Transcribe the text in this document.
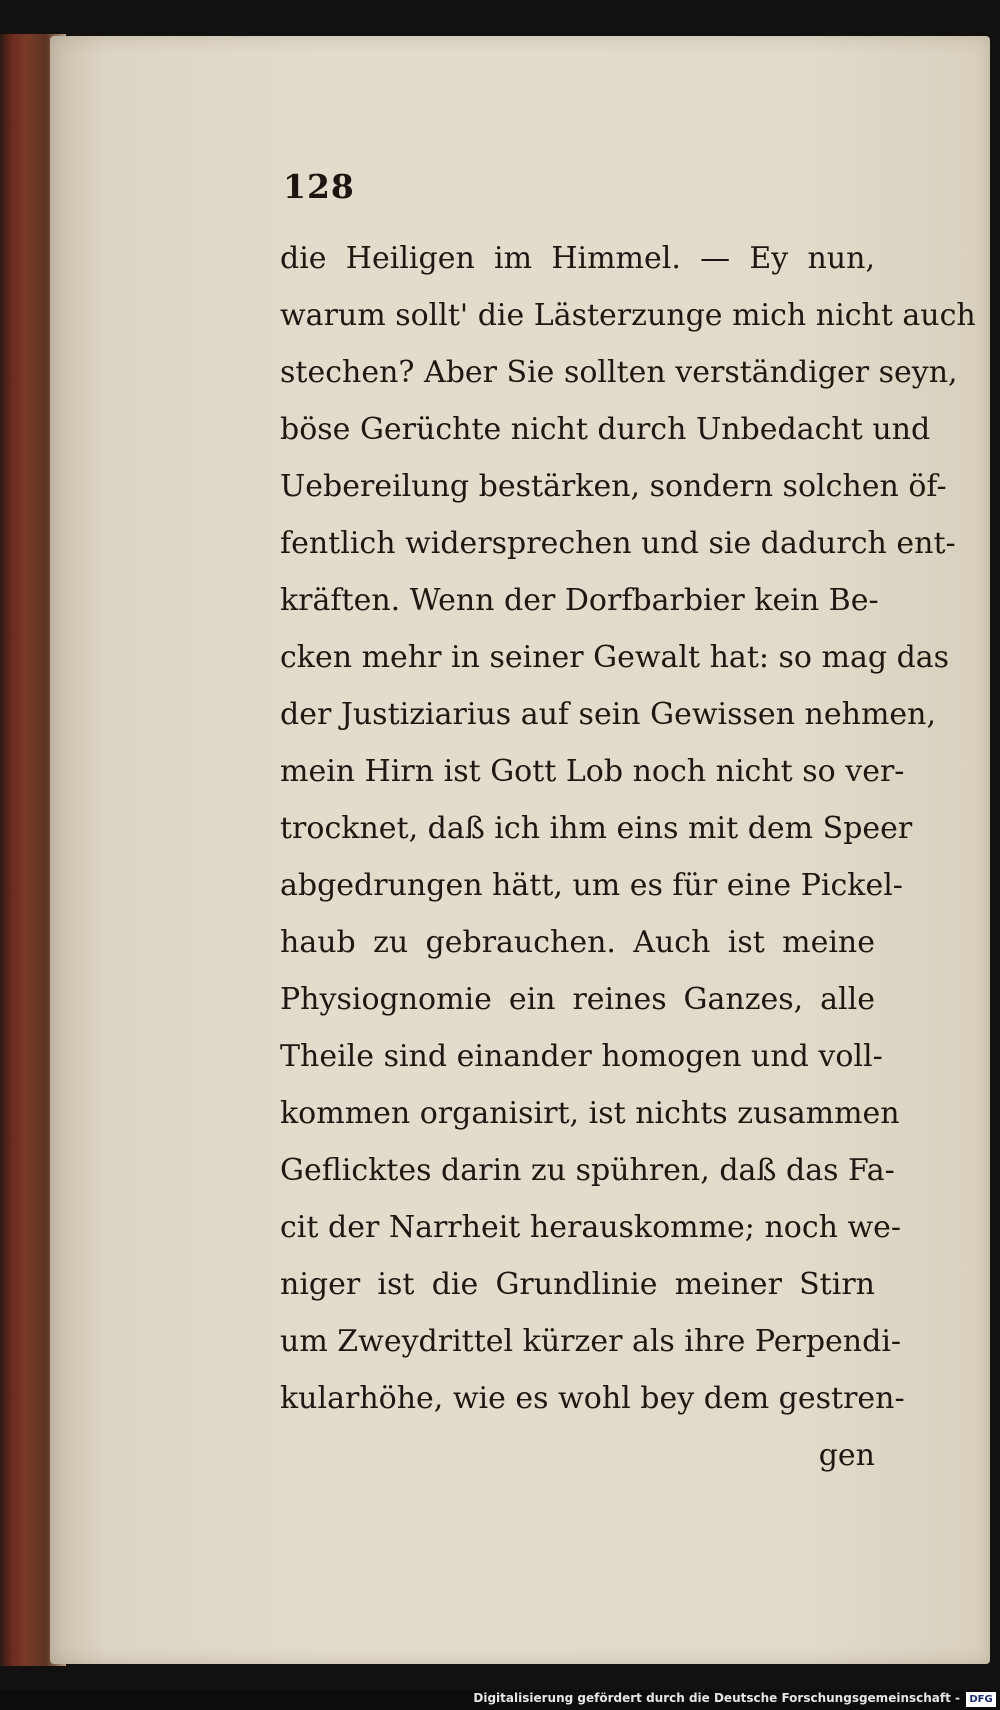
128
die Heiligen im Himmel. — Ey nun,
warum sollt' die Lästerzunge mich nicht auch
stechen? Aber Sie sollten verständiger seyn,
böse Gerüchte nicht durch Unbedacht und
Uebereilung bestärken, sondern solchen öf-
fentlich widersprechen und sie dadurch ent-
kräften. Wenn der Dorfbarbier kein Be-
cken mehr in seiner Gewalt hat: so mag das
der Justiziarius auf sein Gewissen nehmen,
mein Hirn ist Gott Lob noch nicht so ver-
trocknet, daß ich ihm eins mit dem Speer
abgedrungen hätt, um es für eine Pickel-
haub zu gebrauchen. Auch ist meine
Physiognomie ein reines Ganzes, alle
Theile sind einander homogen und voll-
kommen organisirt, ist nichts zusammen
Geflicktes darin zu spühren, daß das Fa-
cit der Narrheit herauskomme; noch we-
niger ist die Grundlinie meiner Stirn
um Zweydrittel kürzer als ihre Perpendi-
kularhöhe, wie es wohl bey dem gestren-
gen
Digitalisierung gefördert durch die Deutsche Forschungsgemeinschaft - DFG
